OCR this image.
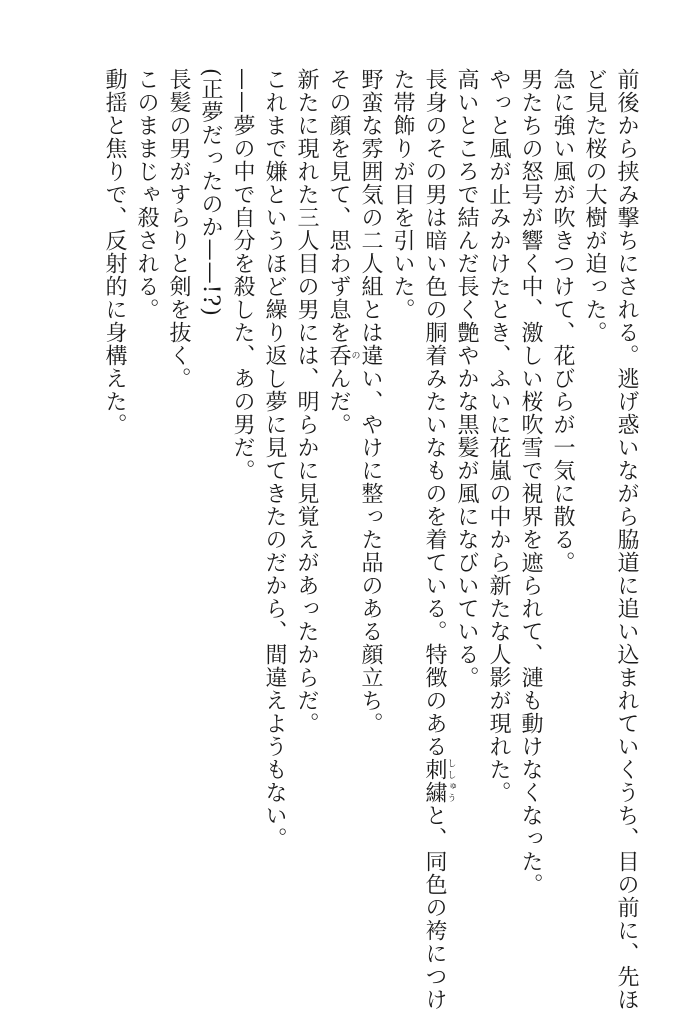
前後から挟み撃ちにされる。逃げ惑いながら脇道に追い込まれていくうち、目の前に、先ほ
ど見た桜の大樹が迫った。
急に強い風が吹きつけて、花びらが一気に散る。
男たちの怒号が響く中、激しい桜吹雪で視界を遮られて、漣も動けなくなった。
やっと風が止みかけたとき、ふいに花嵐の中から新たな人影が現れた。
高いところで結んだ長く艶やかな黒髪が風になびいている。
長身のその男は暗い色の胴着みたいなものを着ている。特徴のある刺繍ししゅうと、同色の袴につけ
た帯飾りが目を引いた。
野蛮な雰囲気の二人組とは違い、やけに整った品のある顔立ち。
その顔を見て、思わず息を呑のんだ。
新たに現れた三人目の男には、明らかに見覚えがあったからだ。
これまで嫌というほど繰り返し夢に見てきたのだから、間違えようもない。
——夢の中で自分を殺した、あの男だ。
(正夢だったのか——!?)
長髪の男がすらりと剣を抜く。
このままじゃ殺される。
動揺と焦りで、反射的に身構えた。
